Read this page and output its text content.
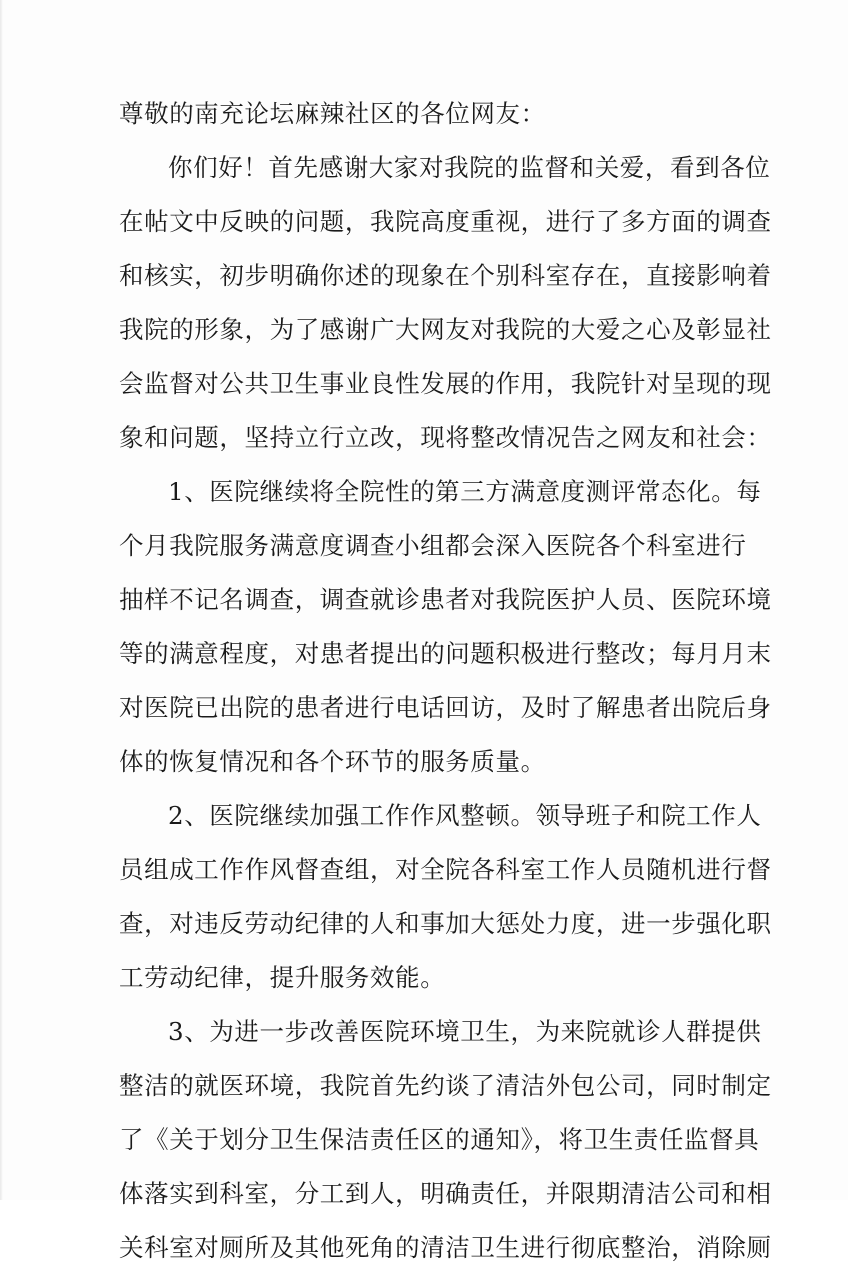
尊敬的南充论坛麻辣社区的各位网友：
你们好！首先感谢大家对我院的监督和关爱，看到各位
在帖文中反映的问题，我院高度重视，进行了多方面的调查
和核实，初步明确你述的现象在个别科室存在，直接影响着
我院的形象，为了感谢广大网友对我院的大爱之心及彰显社
会监督对公共卫生事业良性发展的作用，我院针对呈现的现
象和问题，坚持立行立改，现将整改情况告之网友和社会：
1、医院继续将全院性的第三方满意度测评常态化。每
个月我院服务满意度调查小组都会深入医院各个科室进行
抽样不记名调查，调查就诊患者对我院医护人员、医院环境
等的满意程度，对患者提出的问题积极进行整改；每月月末
对医院已出院的患者进行电话回访，及时了解患者出院后身
体的恢复情况和各个环节的服务质量。
2、医院继续加强工作作风整顿。领导班子和院工作人
员组成工作作风督查组，对全院各科室工作人员随机进行督
查，对违反劳动纪律的人和事加大惩处力度，进一步强化职
工劳动纪律，提升服务效能。
3、为进一步改善医院环境卫生，为来院就诊人群提供
整洁的就医环境，我院首先约谈了清洁外包公司，同时制定
了《关于划分卫生保洁责任区的通知》，将卫生责任监督具
体落实到科室，分工到人，明确责任，并限期清洁公司和相
关科室对厕所及其他死角的清洁卫生进行彻底整治，消除厕
